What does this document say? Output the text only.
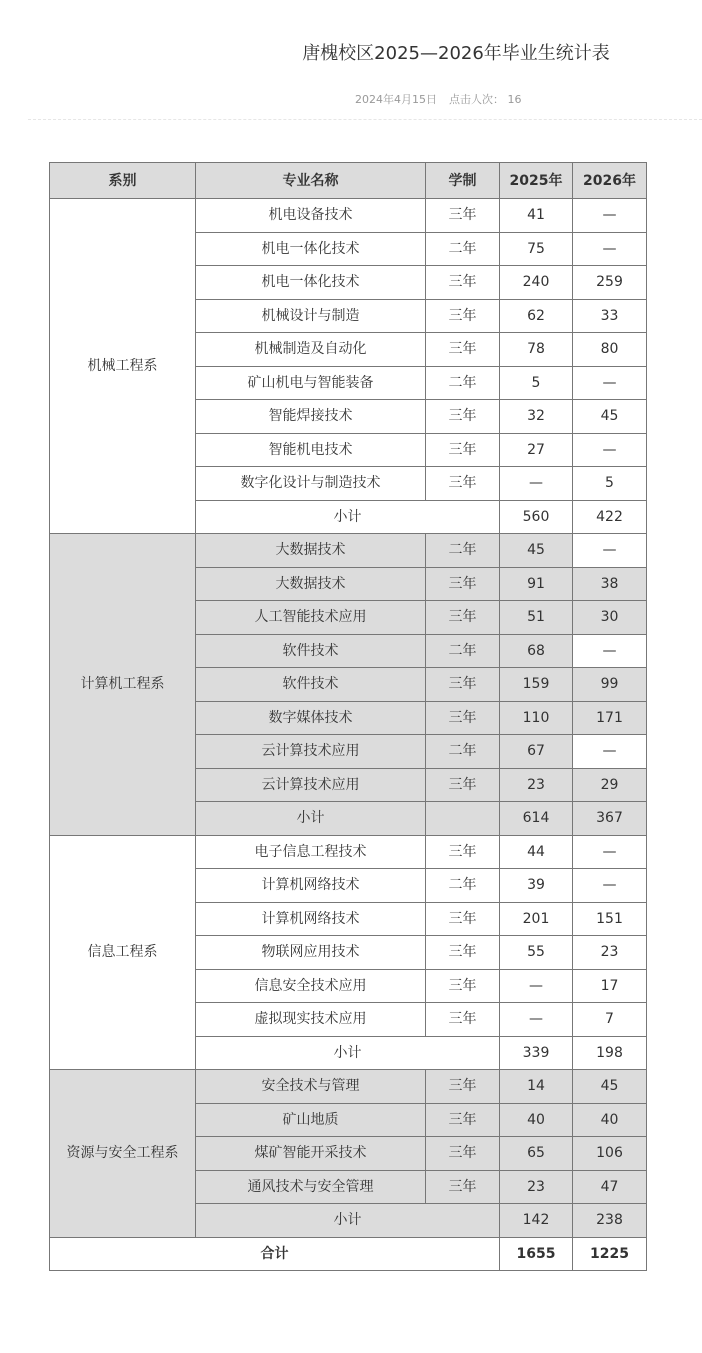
唐槐校区2025—2026年毕业生统计表
2024年4月15日 点击人次： 16
系别	专业名称	学制	2025年	2026年
机械工程系	机电设备技术	三年	41	—
	机电一体化技术	二年	75	—
	机电一体化技术	三年	240	259
	机械设计与制造	三年	62	33
	机械制造及自动化	三年	78	80
	矿山机电与智能装备	二年	5	—
	智能焊接技术	三年	32	45
	智能机电技术	三年	27	—
	数字化设计与制造技术	三年	—	5
	小计		560	422
计算机工程系	大数据技术	二年	45	—
	大数据技术	三年	91	38
	人工智能技术应用	三年	51	30
	软件技术	二年	68	—
	软件技术	三年	159	99
	数字媒体技术	三年	110	171
	云计算技术应用	二年	67	—
	云计算技术应用	三年	23	29
	小计		614	367
信息工程系	电子信息工程技术	三年	44	—
	计算机网络技术	二年	39	—
	计算机网络技术	三年	201	151
	物联网应用技术	三年	55	23
	信息安全技术应用	三年	—	17
	虚拟现实技术应用	三年	—	7
	小计		339	198
资源与安全工程系	安全技术与管理	三年	14	45
	矿山地质	三年	40	40
	煤矿智能开采技术	三年	65	106
	通风技术与安全管理	三年	23	47
	小计		142	238
合计			1655	1225
